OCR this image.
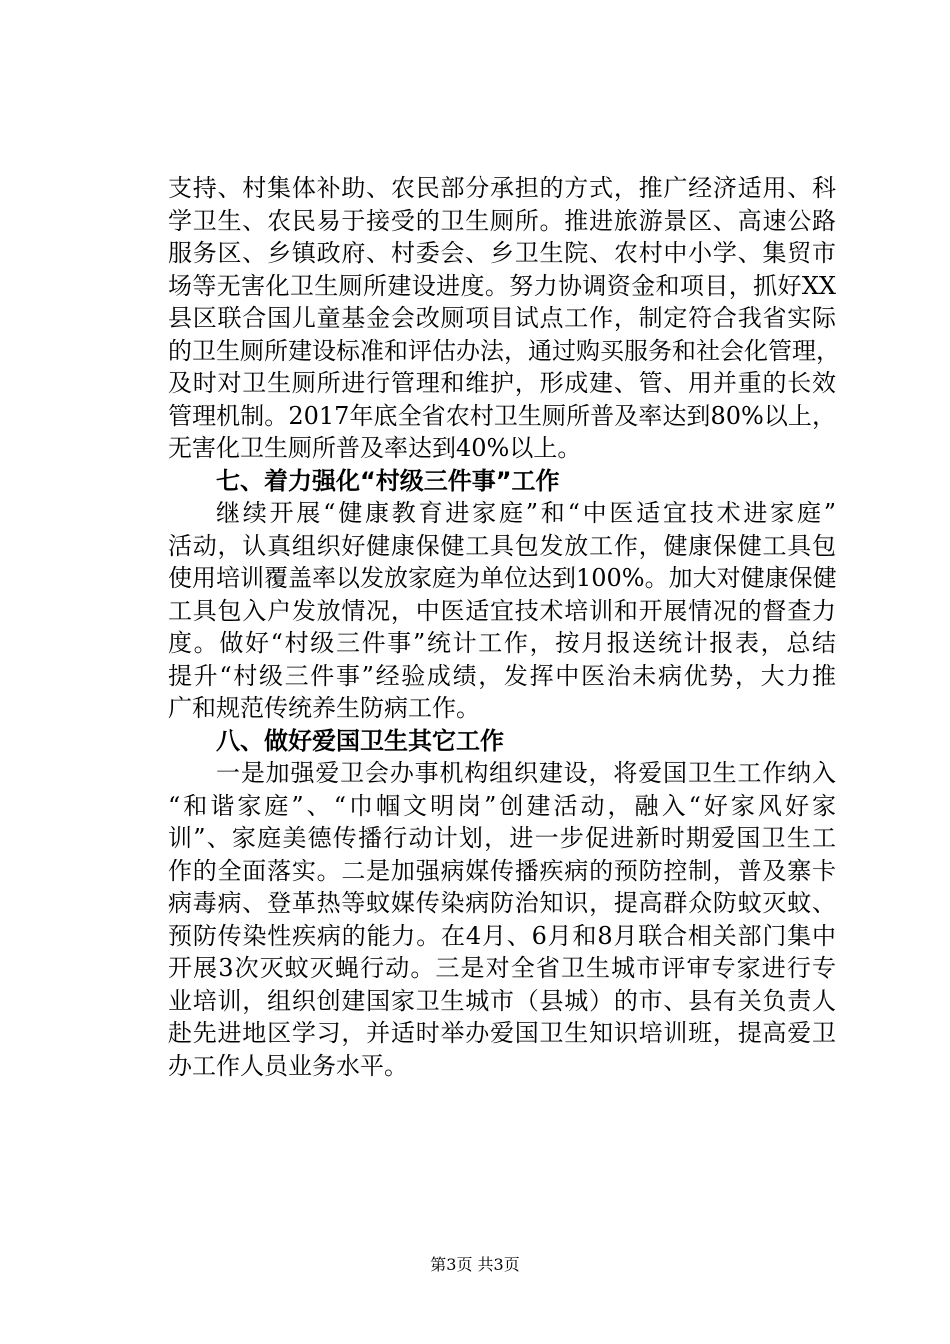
支持、村集体补助、农民部分承担的方式，推广经济适用、科
学卫生、农民易于接受的卫生厕所。推进旅游景区、高速公路
服务区、乡镇政府、村委会、乡卫生院、农村中小学、集贸市
场等无害化卫生厕所建设进度。努力协调资金和项目，抓好XX
县区联合国儿童基金会改厕项目试点工作，制定符合我省实际
的卫生厕所建设标准和评估办法，通过购买服务和社会化管理，
及时对卫生厕所进行管理和维护，形成建、管、用并重的长效
管理机制。2017年底全省农村卫生厕所普及率达到80%以上，
无害化卫生厕所普及率达到40%以上。
七、着力强化“村级三件事”工作
继续开展“健康教育进家庭”和“中医适宜技术进家庭”
活动，认真组织好健康保健工具包发放工作，健康保健工具包
使用培训覆盖率以发放家庭为单位达到100%。加大对健康保健
工具包入户发放情况，中医适宜技术培训和开展情况的督查力
度。做好“村级三件事”统计工作，按月报送统计报表，总结
提升“村级三件事”经验成绩，发挥中医治未病优势，大力推
广和规范传统养生防病工作。
八、做好爱国卫生其它工作
一是加强爱卫会办事机构组织建设，将爱国卫生工作纳入
“和谐家庭”、“巾帼文明岗”创建活动，融入“好家风好家
训”、家庭美德传播行动计划，进一步促进新时期爱国卫生工
作的全面落实。二是加强病媒传播疾病的预防控制，普及寨卡
病毒病、登革热等蚊媒传染病防治知识，提高群众防蚊灭蚊、
预防传染性疾病的能力。在4月、6月和8月联合相关部门集中
开展3次灭蚊灭蝇行动。三是对全省卫生城市评审专家进行专
业培训，组织创建国家卫生城市（县城）的市、县有关负责人
赴先进地区学习，并适时举办爱国卫生知识培训班，提高爱卫
办工作人员业务水平。
第3页 共3页
